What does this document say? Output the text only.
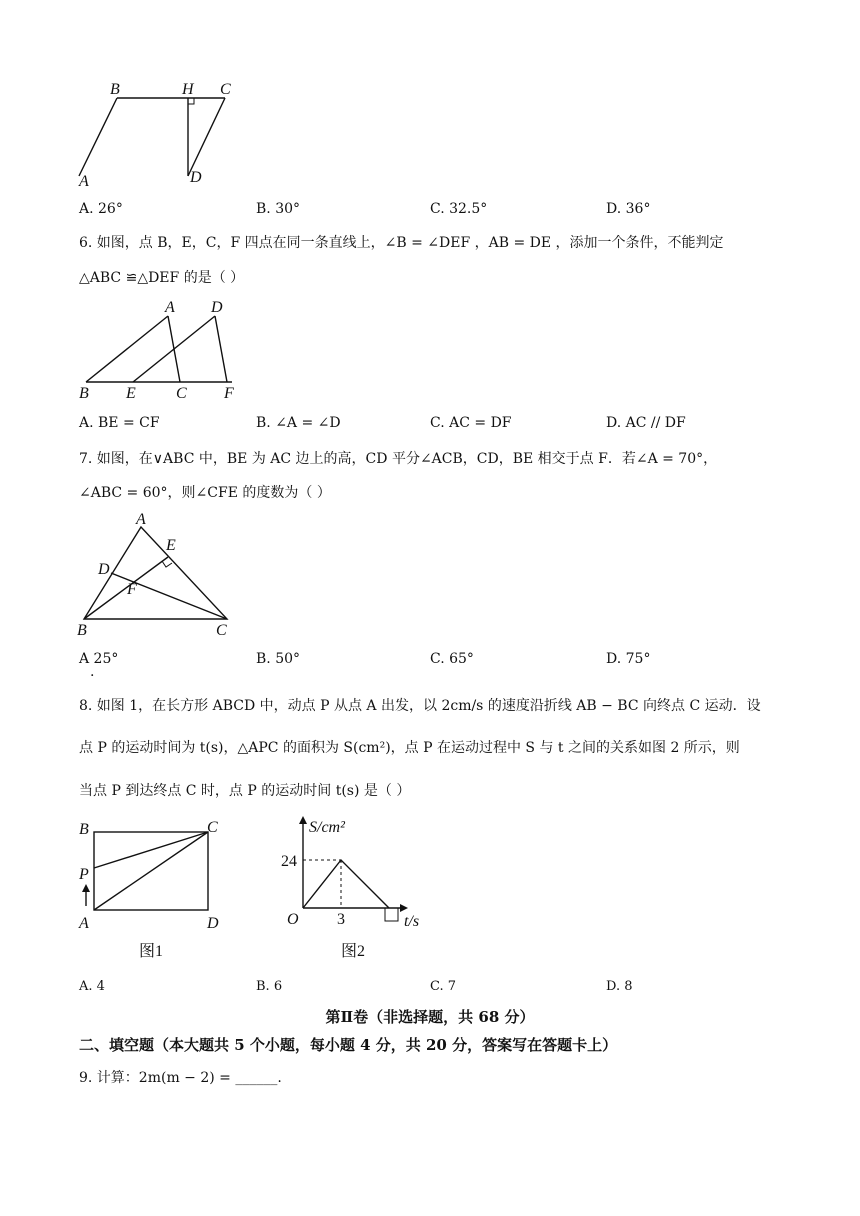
B	H C
A	D
A. 26°	B. 30°	C. 32.5°	D. 36°
6. 如图，点 B，E，C，F 四点在同一条直线上，∠B = ∠DEF ，AB = DE ，添加一个条件，不能判定
△ABC ≌△DEF 的是（ ）
A D
B E	C F
A. BE = CF	B. ∠A = ∠D	C. AC = DF	D. AC // DF
7. 如图，在∨ABC 中，BE 为 AC 边上的高，CD 平分∠ACB，CD，BE 相交于点 F．若∠A = 70°，
∠ABC = 60°，则∠CFE 的度数为（ ）
A
E
D
F
B	C
A 25°	B. 50°	C. 65°	D. 75°
.
8. 如图 1，在长方形 ABCD 中，动点 P 从点 A 出发，以 2cm/s 的速度沿折线 AB − BC 向终点 C 运动．设
点 P 的运动时间为 t(s)，△APC 的面积为 S(cm²)，点 P 在运动过程中 S 与 t 之间的关系如图 2 所示，则
当点 P 到达终点 C 时，点 P 的运动时间 t(s) 是（ ）
B	C
P
A	D
图1
S/cm²
24
O 3	t/s
图2
A. 4	B. 6	C. 7	D. 8
第Ⅱ卷（非选择题，共 68 分）
二、填空题（本大题共 5 个小题，每小题 4 分，共 20 分，答案写在答题卡上）
9. 计算：2m(m − 2) = ______.
